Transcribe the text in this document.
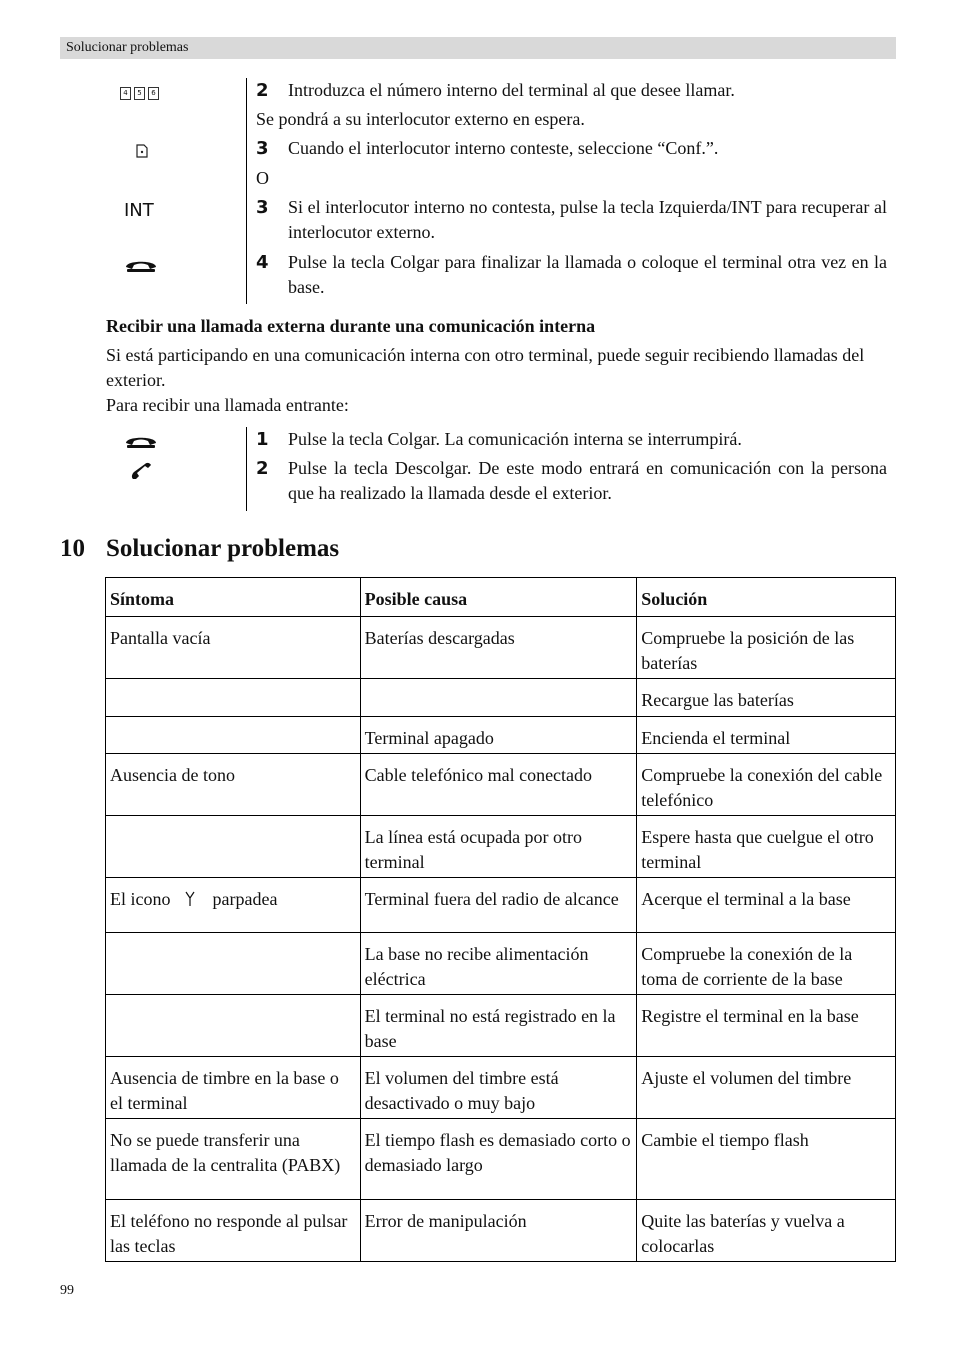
Solucionar problemas
4	5	6
INT
2 Introduzca el número interno del terminal al que desee llamar.
Se pondrá a su interlocutor externo en espera.
3 Cuando el interlocutor interno conteste, seleccione “Conf.”.
O
3 Si el interlocutor interno no contesta, pulse la tecla Izquierda/INT para recuperar al interlocutor externo.
4 Pulse la tecla Colgar para finalizar la llamada o coloque el terminal otra vez en la base.
Recibir una llamada externa durante una comunicación interna
Si está participando en una comunicación interna con otro terminal, puede seguir recibiendo llamadas del exterior.
Para recibir una llamada entrante:
1 Pulse la tecla Colgar. La comunicación interna se interrumpirá.
2 Pulse la tecla Descolgar. De este modo entrará en comunicación con la persona que ha realizado la llamada desde el exterior.
10 Solucionar problemas
Síntoma	Posible causa	Solución
Pantalla vacía	Baterías descargadas	Compruebe la posición de las baterías
		Recargue las baterías
	Terminal apagado	Encienda el terminal
Ausencia de tono	Cable telefónico mal conectado	Compruebe la conexión del cable telefónico
	La línea está ocupada por otro terminal	Espere hasta que cuelgue el otro terminal
El icono parpadea	Terminal fuera del radio de alcance	Acerque el terminal a la base
	La base no recibe alimentación eléctrica	Compruebe la conexión de la toma de corriente de la base
	El terminal no está registrado en la base	Registre el terminal en la base
Ausencia de timbre en la base o el terminal	El volumen del timbre está desactivado o muy bajo	Ajuste el volumen del timbre
No se puede transferir una llamada de la centralita (PABX)	El tiempo flash es demasiado corto o demasiado largo	Cambie el tiempo flash
El teléfono no responde al pulsar las teclas	Error de manipulación	Quite las baterías y vuelva a colocarlas
99
